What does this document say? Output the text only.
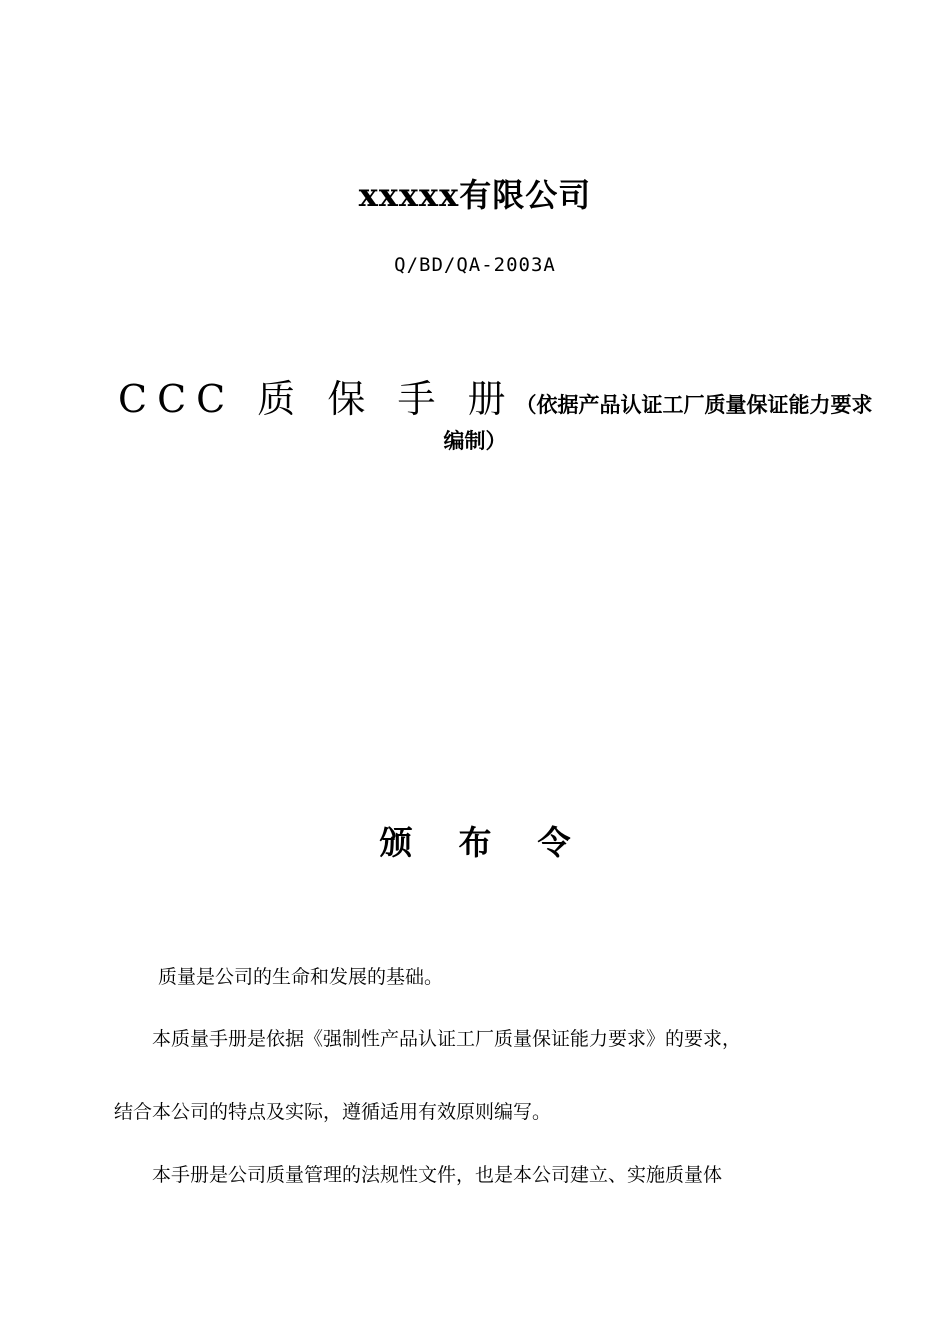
xxxxx有限公司
Q/BD/QA-2003A
CCC 质 保 手 册（依据产品认证工厂质量保证能力要求
编制）
颁布令
质量是公司的生命和发展的基础。
本质量手册是依据《强制性产品认证工厂质量保证能力要求》的要求，
结合本公司的特点及实际，遵循适用有效原则编写。
本手册是公司质量管理的法规性文件，也是本公司建立、实施质量体
